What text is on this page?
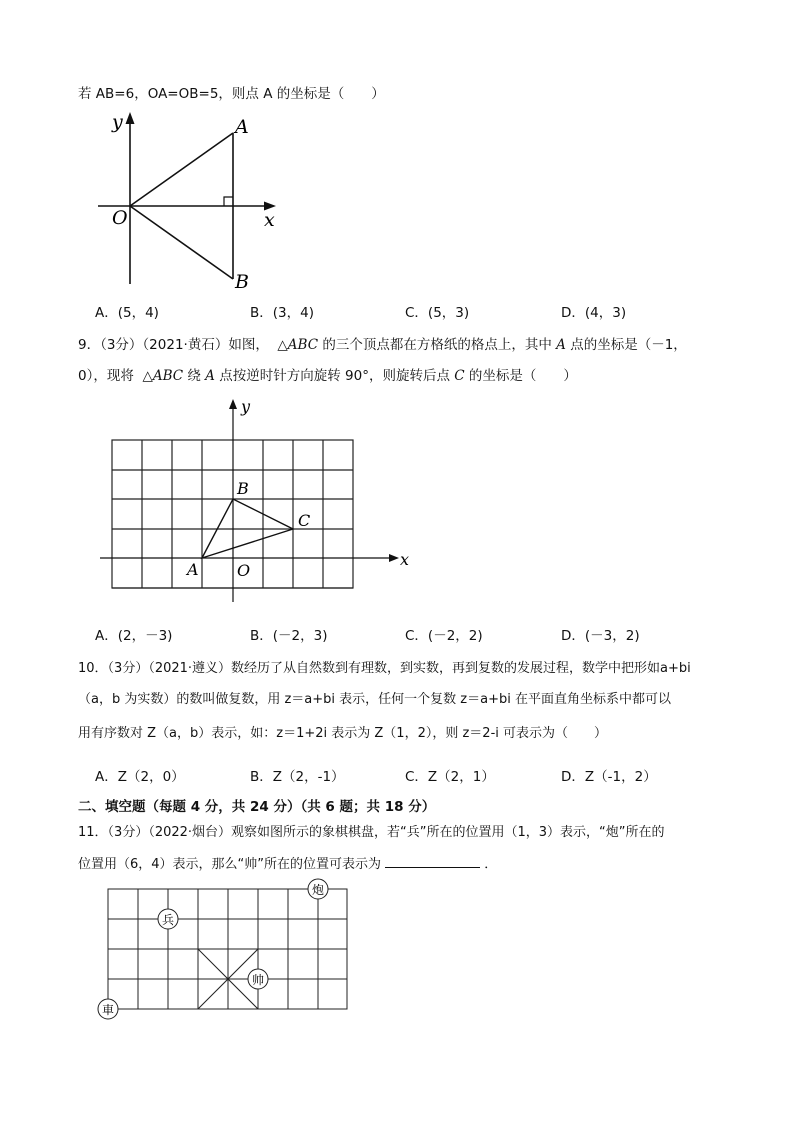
若 AB=6，OA=OB=5，则点 A 的坐标是（　　）
y
x
O
A
B
A．(5，4)	B．(3，4)	C．(5，3)	D．(4，3)
9．（3分）（2021·黄石）如图， △ABC 的三个顶点都在方格纸的格点上，其中 A 点的坐标是（－1，
0），现将 △ABC 绕 A 点按逆时针方向旋转 90°，则旋转后点 C 的坐标是（　　）
y
x
O
A
B
C
A．(2，－3)	B．(－2，3)	C．(－2，2)	D．(－3，2)
10．（3分）（2021·遵义）数经历了从自然数到有理数，到实数，再到复数的发展过程，数学中把形如a+bi
（a，b 为实数）的数叫做复数，用 z＝a+bi 表示，任何一个复数 z＝a+bi 在平面直角坐标系中都可以
用有序数对 Z（a，b）表示，如：z＝1+2i 表示为 Z（1，2），则 z＝2-i 可表示为（　　）
A．Z（2，0）	B．Z（2，-1）	C．Z（2，1）	D．Z（-1，2）
二、填空题（每题 4 分，共 24 分）（共 6 题；共 18 分）
11．（3分）（2022·烟台）观察如图所示的象棋棋盘，若“兵”所在的位置用（1，3）表示，“炮”所在的
位置用（6，4）表示，那么“帅”所在的位置可表示为	．
炮
兵
帅
車
